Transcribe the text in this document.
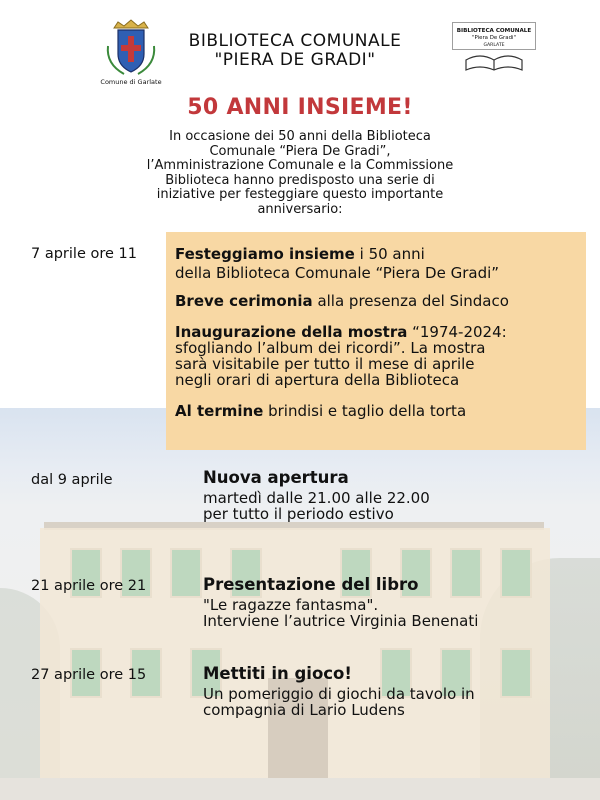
Comune di Garlate
BIBLIOTECA COMUNALE
"PIERA DE GRADI"
BIBLIOTECA COMUNALE
"Piera De Gradi"
GARLATE
50 ANNI INSIEME!
In occasione dei 50 anni della Biblioteca
Comunale “Piera De Gradi”,
l’Amministrazione Comunale e la Commissione
Biblioteca hanno predisposto una serie di
iniziative per festeggiare questo importante
anniversario:
7 aprile ore 11	Festeggiamo insieme i 50 anni
della Biblioteca Comunale “Piera De Gradi”
Breve cerimonia alla presenza del Sindaco
Inaugurazione della mostra “1974-2024:
sfogliando l’album dei ricordi”. La mostra
sarà visitabile per tutto il mese di aprile
negli orari di apertura della Biblioteca
Al termine brindisi e taglio della torta
dal 9 aprile	Nuova apertura
martedì dalle 21.00 alle 22.00
per tutto il periodo estivo
21 aprile ore 21	Presentazione del libro
"Le ragazze fantasma".
Interviene l’autrice Virginia Benenati
27 aprile ore 15	Mettiti in gioco!
Un pomeriggio di giochi da tavolo in
compagnia di Lario Ludens
